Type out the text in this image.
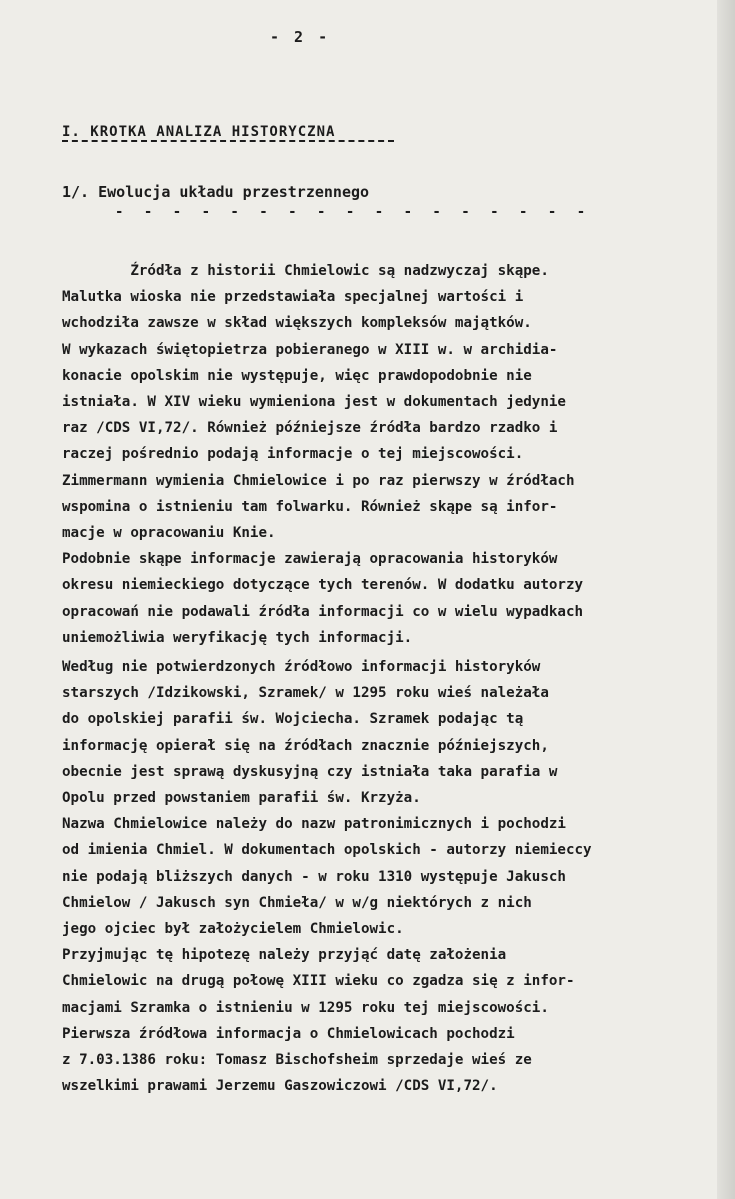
- 2 -
I. KROTKA ANALIZA HISTORYCZNA
1/. Ewolucja układu przestrzennego
- - - - - - - - - - - - - - - - -

Źródła z historii Chmielowic są nadzwyczaj skąpe.

Malutka wioska nie przedstawiała specjalnej wartości i

wchodziła zawsze w skład większych kompleksów majątków.

W wykazach świętopietrza pobieranego w XIII w. w archidia-

konacie opolskim nie występuje, więc prawdopodobnie nie

istniała. W XIV wieku wymieniona jest w dokumentach jedynie

raz /CDS VI,72/. Również późniejsze źródła bardzo rzadko i

raczej pośrednio podają informacje o tej miejscowości.

Zimmermann wymienia Chmielowice i po raz pierwszy w źródłach

wspomina o istnieniu tam folwarku. Również skąpe są infor-

macje w opracowaniu Knie.

Podobnie skąpe informacje zawierają opracowania historyków

okresu niemieckiego dotyczące tych terenów. W dodatku autorzy

opracowań nie podawali źródła informacji co w wielu wypadkach

uniemożliwia weryfikację tych informacji.

Według nie potwierdzonych źródłowo informacji historyków

starszych /Idzikowski, Szramek/ w 1295 roku wieś należała

do opolskiej parafii św. Wojciecha. Szramek podając tą

informację opierał się na źródłach znacznie późniejszych,

obecnie jest sprawą dyskusyjną czy istniała taka parafia w

Opolu przed powstaniem parafii św. Krzyża.

Nazwa Chmielowice należy do nazw patronimicznych i pochodzi

od imienia Chmiel. W dokumentach opolskich - autorzy niemieccy

nie podają bliższych danych - w roku 1310 występuje Jakusch

Chmielow / Jakusch syn Chmieła/ w w/g niektórych z nich

jego ojciec był założycielem Chmielowic.

Przyjmując tę hipotezę należy przyjąć datę założenia

Chmielowic na drugą połowę XIII wieku co zgadza się z infor-

macjami Szramka o istnieniu w 1295 roku tej miejscowości.

Pierwsza źródłowa informacja o Chmielowicach pochodzi

z 7.03.1386 roku: Tomasz Bischofsheim sprzedaje wieś ze

wszelkimi prawami Jerzemu Gaszowiczowi /CDS VI,72/.
